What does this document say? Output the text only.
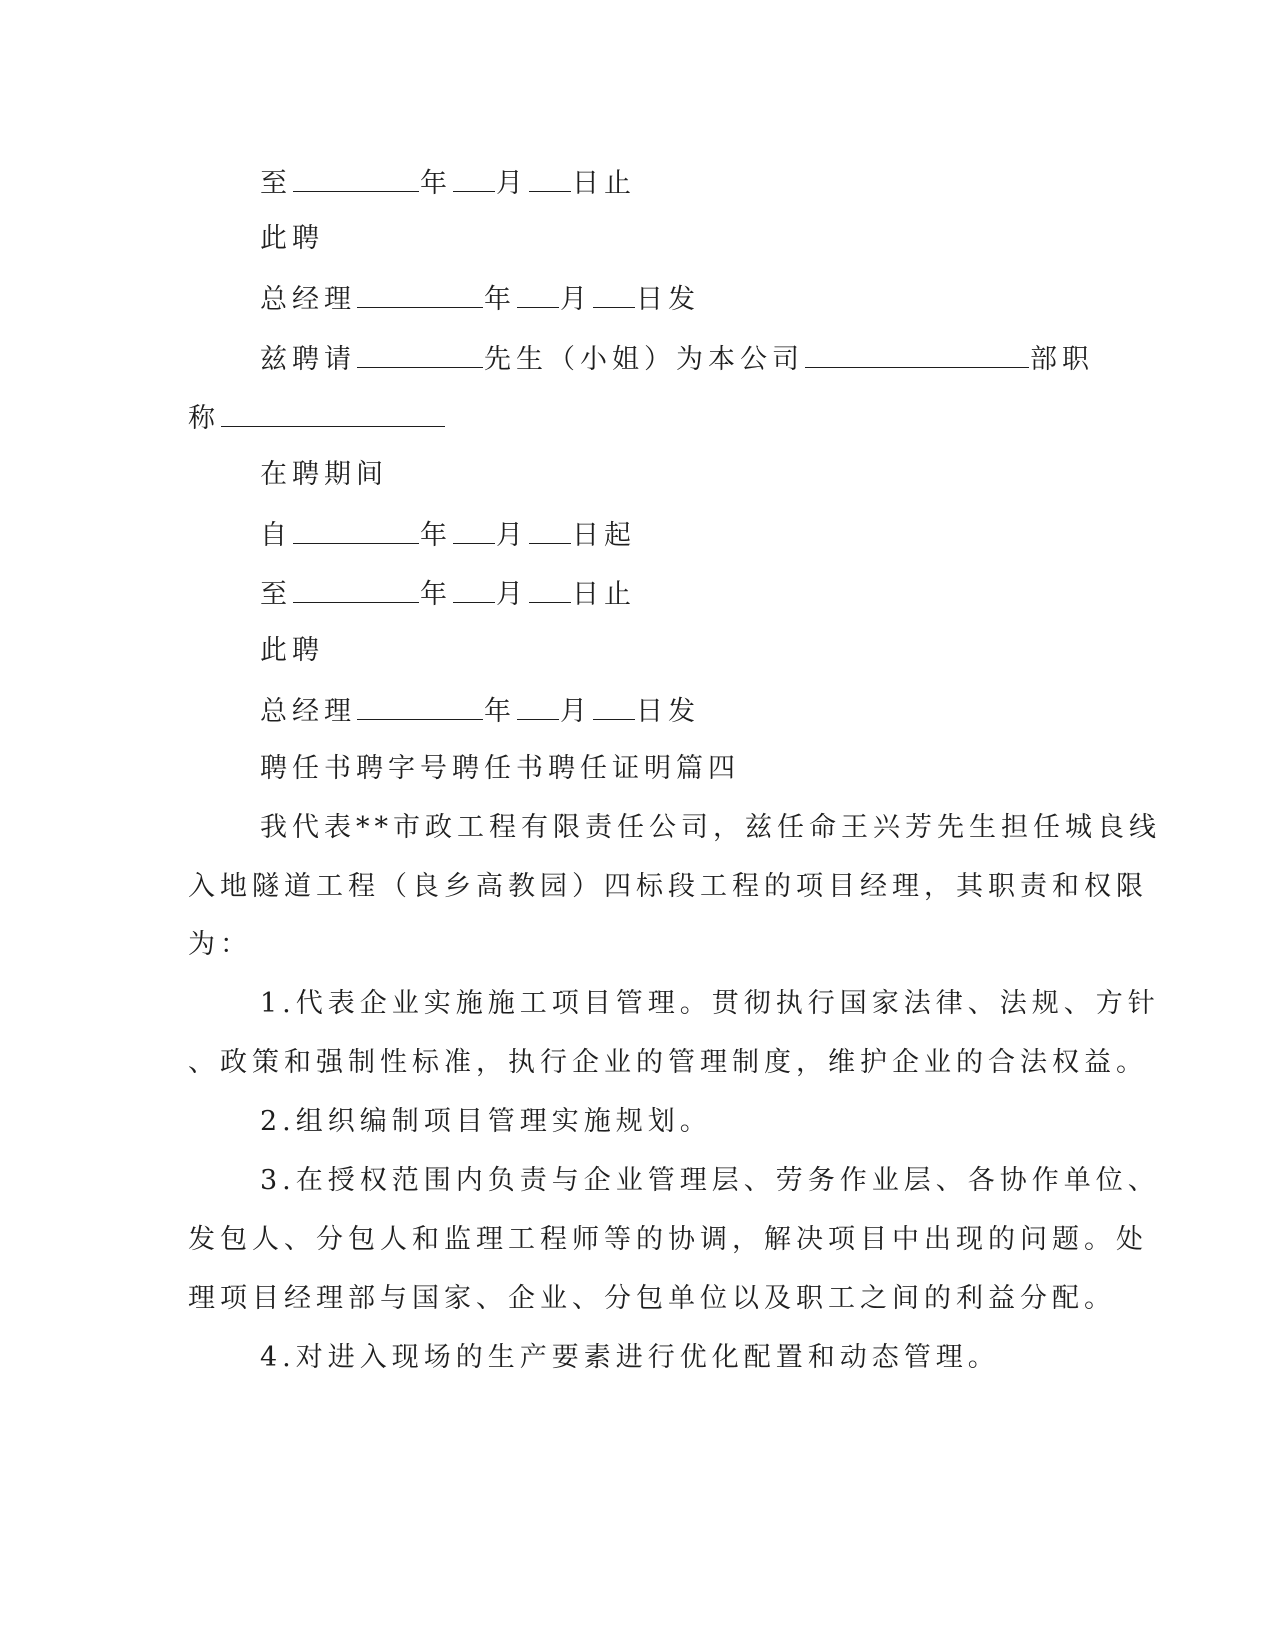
至	年 月 日止
此聘
总经理	年 月 日发
兹聘请	先生（小姐）为本公司	部职
称
在聘期间
自	年 月 日起
至	年 月 日止
此聘
总经理	年 月 日发
聘任书聘字号聘任书聘任证明篇四
我代表**市政工程有限责任公司，兹任命王兴芳先生担任城良线
入地隧道工程（良乡高教园）四标段工程的项目经理，其职责和权限
为：
1.代表企业实施施工项目管理。贯彻执行国家法律、法规、方针
、政策和强制性标准，执行企业的管理制度，维护企业的合法权益。
2.组织编制项目管理实施规划。
3.在授权范围内负责与企业管理层、劳务作业层、各协作单位、
发包人、分包人和监理工程师等的协调，解决项目中出现的问题。处
理项目经理部与国家、企业、分包单位以及职工之间的利益分配。
4.对进入现场的生产要素进行优化配置和动态管理。
